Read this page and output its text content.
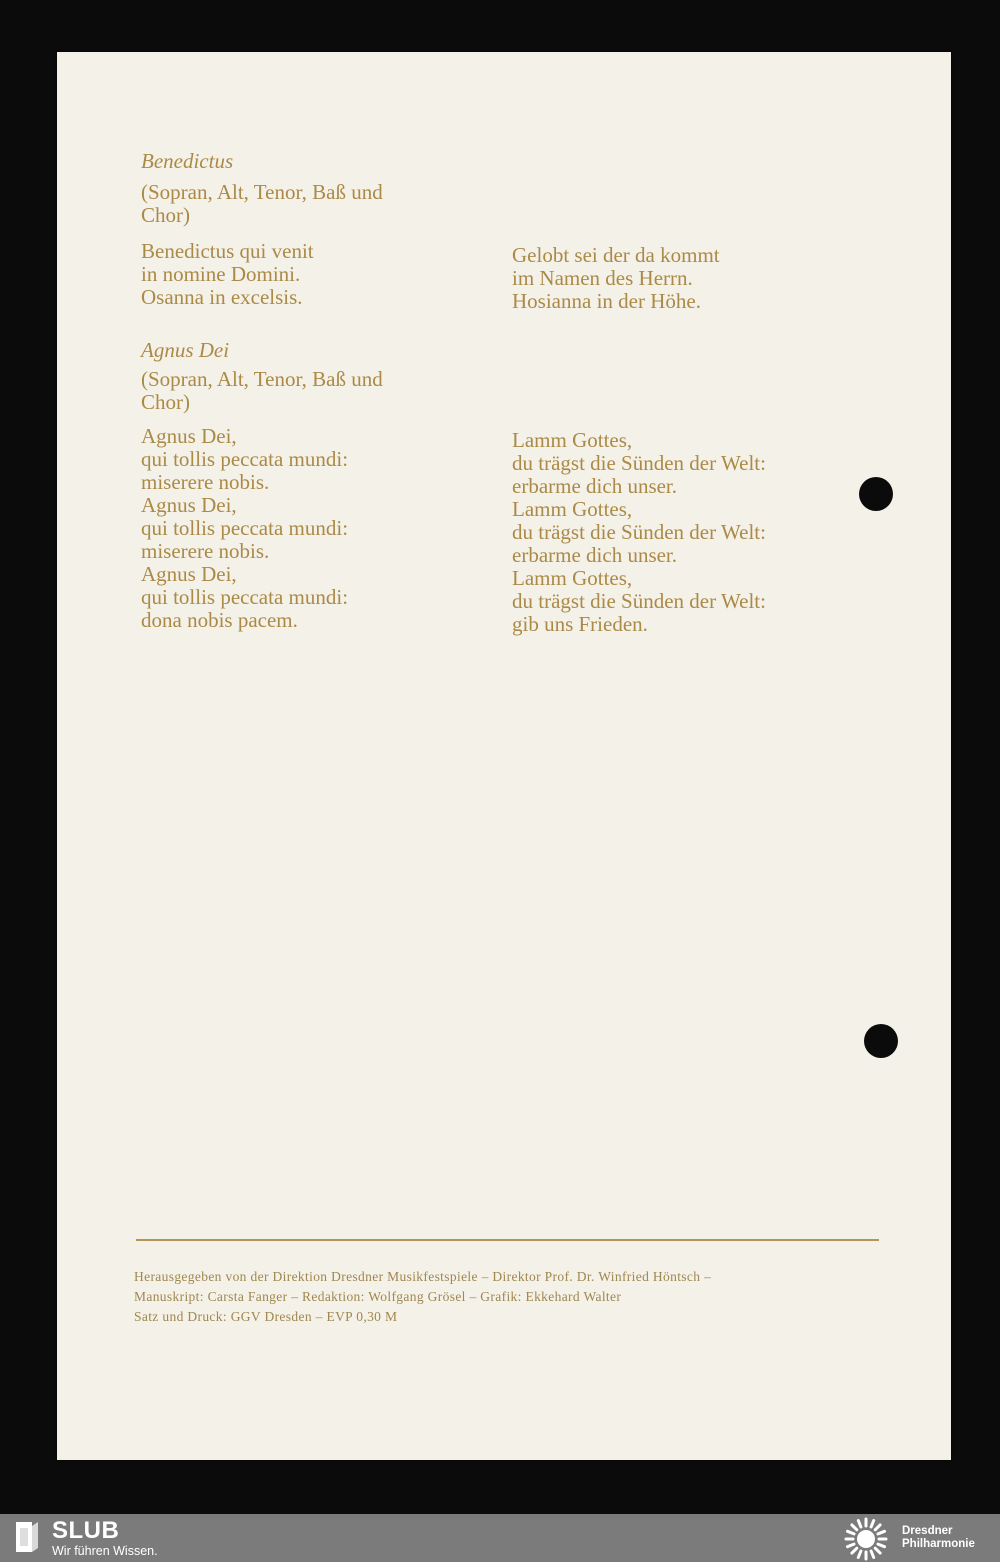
Benedictus
(Sopran, Alt, Tenor, Baß und
Chor)
Benedictus qui venit
in nomine Domini.
Osanna in excelsis.
Gelobt sei der da kommt
im Namen des Herrn.
Hosianna in der Höhe.
Agnus Dei
(Sopran, Alt, Tenor, Baß und
Chor)
Agnus Dei,
qui tollis peccata mundi:
miserere nobis.
Agnus Dei,
qui tollis peccata mundi:
miserere nobis.
Agnus Dei,
qui tollis peccata mundi:
dona nobis pacem.
Lamm Gottes,
du trägst die Sünden der Welt:
erbarme dich unser.
Lamm Gottes,
du trägst die Sünden der Welt:
erbarme dich unser.
Lamm Gottes,
du trägst die Sünden der Welt:
gib uns Frieden.
Herausgegeben von der Direktion Dresdner Musikfestspiele – Direktor Prof. Dr. Winfried Höntsch –
Manuskript: Carsta Fanger – Redaktion: Wolfgang Grösel – Grafik: Ekkehard Walter
Satz und Druck: GGV Dresden – EVP 0,30 M
SLUB
Wir führen Wissen.
Dresdner
Philharmonie
